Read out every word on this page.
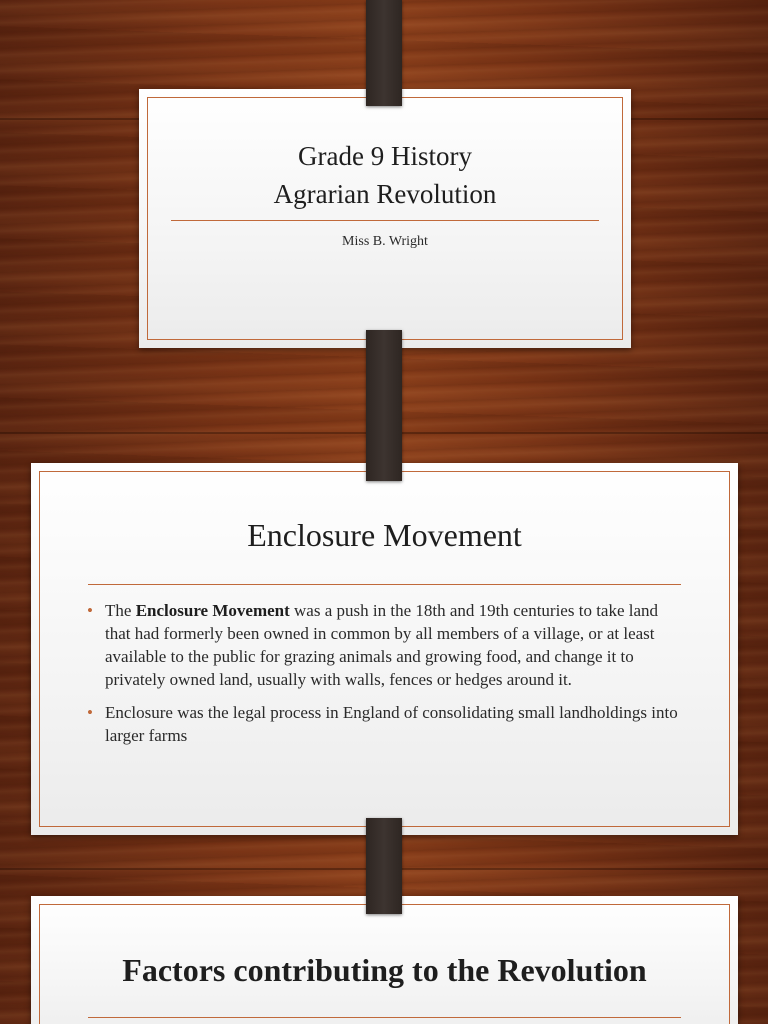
Grade 9 History
Agrarian Revolution
Miss B. Wright
Enclosure Movement
• The Enclosure Movement was a push in the 18th and 19th centuries to take land that had formerly been owned in common by all members of a village, or at least available to the public for grazing animals and growing food, and change it to privately owned land, usually with walls, fences or hedges around it.
• Enclosure was the legal process in England of consolidating small landholdings into larger farms
Factors contributing to the Revolution
